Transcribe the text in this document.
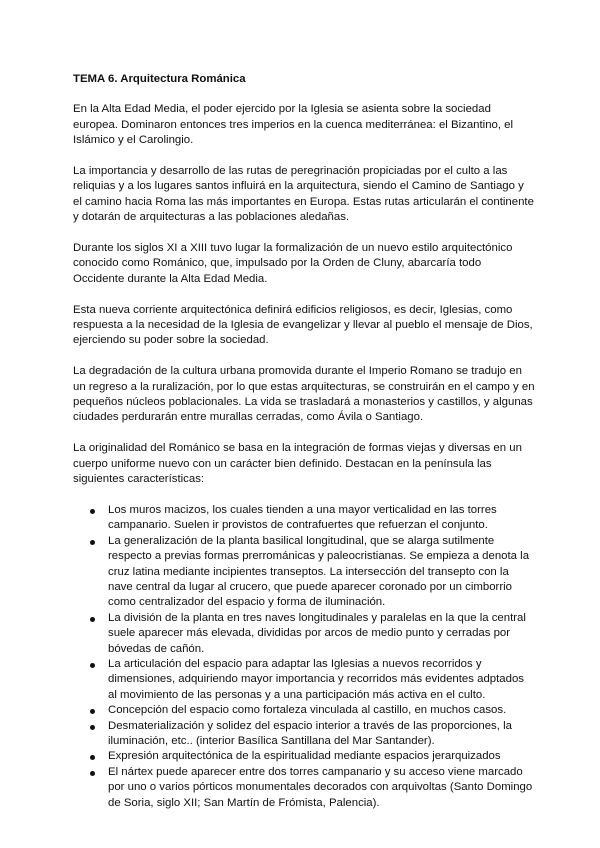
TEMA 6. Arquitectura Románica

En la Alta Edad Media, el poder ejercido por la Iglesia se asienta sobre la sociedad europea. Dominaron entonces tres imperios en la cuenca mediterránea: el Bizantino, el Islámico y el Carolingio.

La importancia y desarrollo de las rutas de peregrinación propiciadas por el culto a las reliquias y a los lugares santos influirá en la arquitectura, siendo el Camino de Santiago y el camino hacia Roma las más importantes en Europa. Estas rutas articularán el continente y dotarán de arquitecturas a las poblaciones aledañas.

Durante los siglos XI a XIII tuvo lugar la formalización de un nuevo estilo arquitectónico conocido como Románico, que, impulsado por la Orden de Cluny, abarcaría todo Occidente durante la Alta Edad Media.

Esta nueva corriente arquitectónica definirá edificios religiosos, es decir, Iglesias, como respuesta a la necesidad de la Iglesia de evangelizar y llevar al pueblo el mensaje de Dios, ejerciendo su poder sobre la sociedad.

La degradación de la cultura urbana promovida durante el Imperio Romano se tradujo en un regreso a la ruralización, por lo que estas arquitecturas, se construirán en el campo y en pequeños núcleos poblacionales. La vida se trasladará a monasterios y castillos, y algunas ciudades perdurarán entre murallas cerradas, como Ávila o Santiago.

La originalidad del Románico se basa en la integración de formas viejas y diversas en un cuerpo uniforme nuevo con un carácter bien definido. Destacan en la península las siguientes características:

Los muros macizos, los cuales tienden a una mayor verticalidad en las torres campanario. Suelen ir provistos de contrafuertes que refuerzan el conjunto.
La generalización de la planta basilical longitudinal, que se alarga sutilmente respecto a previas formas prerrománicas y paleocristianas. Se empieza a denota la cruz latina mediante incipientes transeptos. La intersección del transepto con la nave central da lugar al crucero, que puede aparecer coronado por un cimborrio como centralizador del espacio y forma de iluminación.
La división de la planta en tres naves longitudinales y paralelas en la que la central suele aparecer más elevada, divididas por arcos de medio punto y cerradas por bóvedas de cañón.
La articulación del espacio para adaptar las Iglesias a nuevos recorridos y dimensiones, adquiriendo mayor importancia y recorridos más evidentes adptados al movimiento de las personas y a una participación más activa en el culto.
Concepción del espacio como fortaleza vinculada al castillo, en muchos casos.
Desmaterialización y solidez del espacio interior a través de las proporciones, la iluminación, etc.. (interior Basílica Santillana del Mar Santander).
Expresión arquitectónica de la espiritualidad mediante espacios jerarquizados
El nártex puede aparecer entre dos torres campanario y su acceso viene marcado por uno o varios pórticos monumentales decorados con arquivoltas (Santo Domingo de Soria, siglo XII; San Martín de Frómista, Palencia).
